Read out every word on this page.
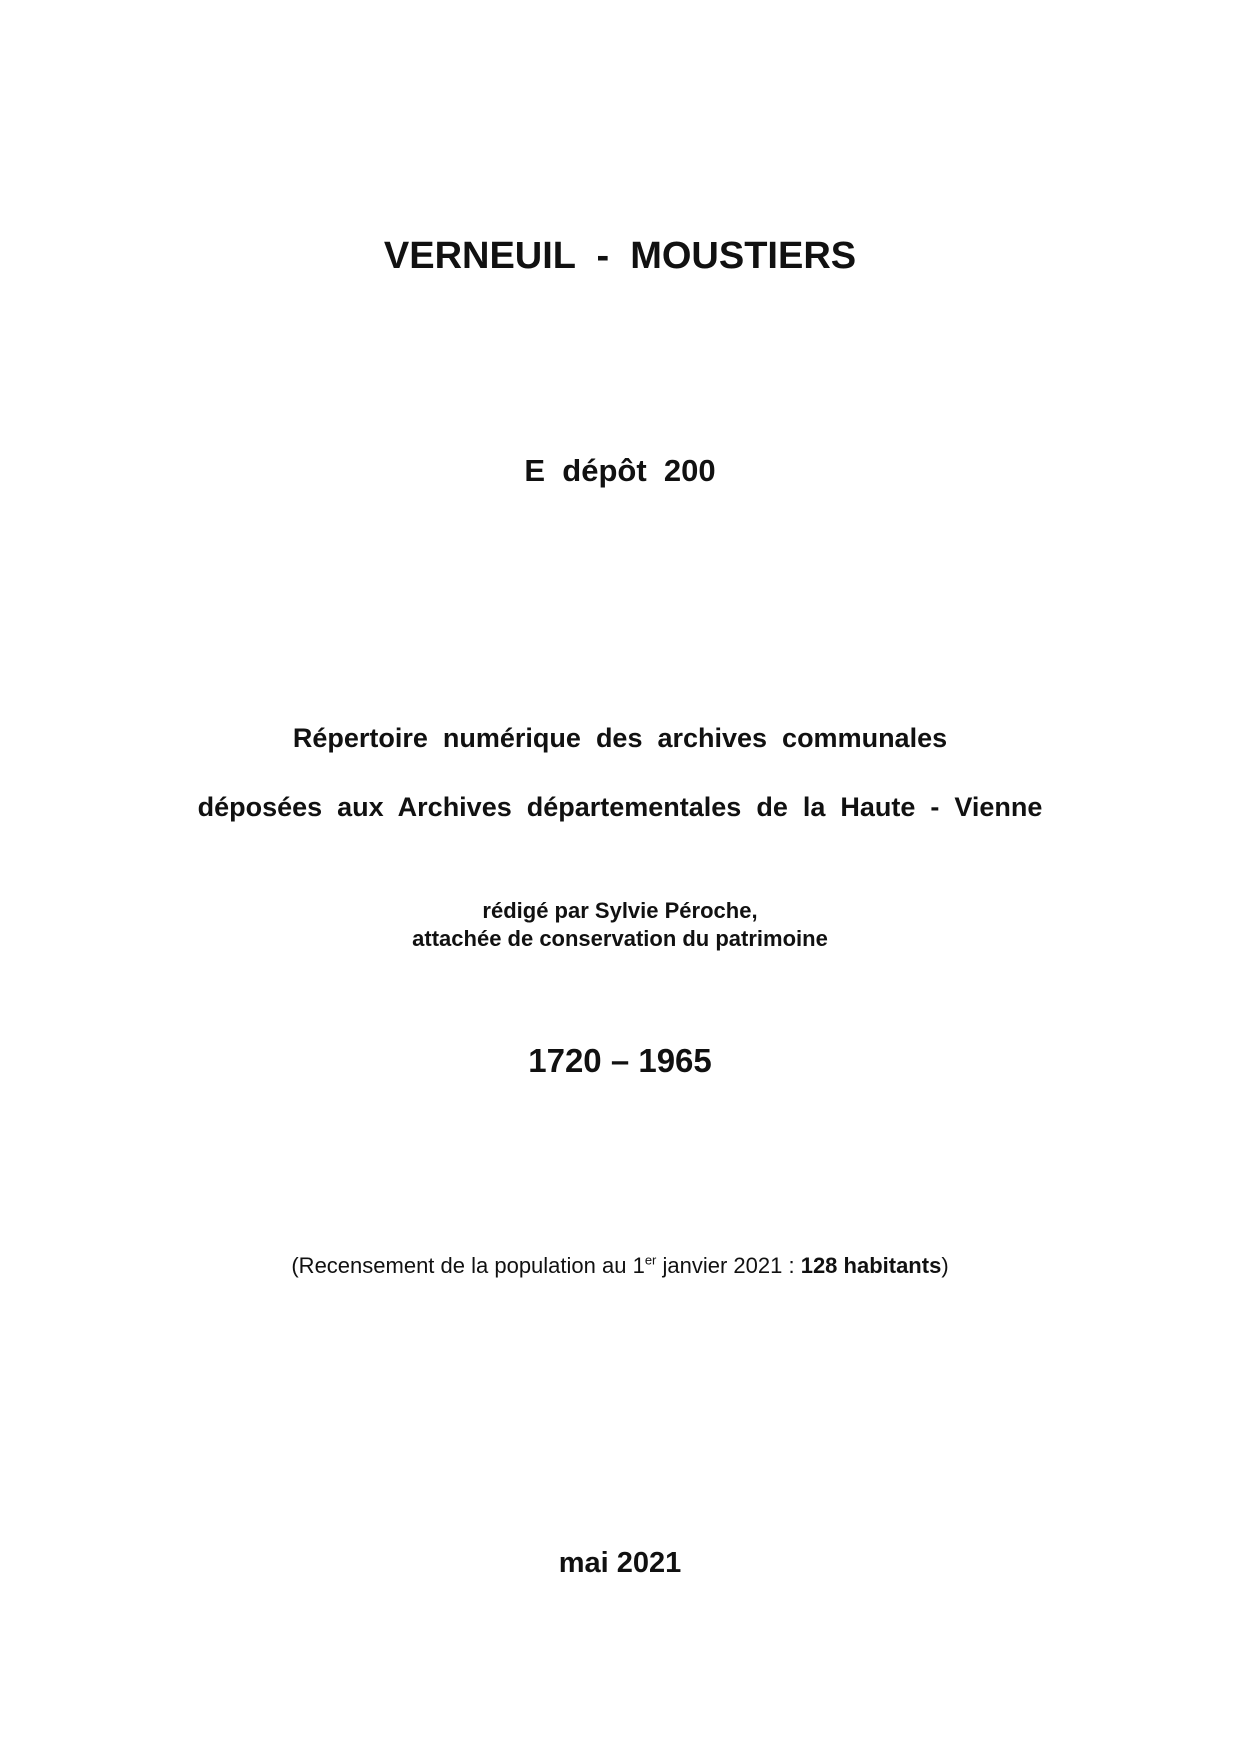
VERNEUIL  -  MOUSTIERS
E  dépôt  200
Répertoire  numérique  des  archives  communales
déposées  aux  Archives  départementales  de  la  Haute  -  Vienne
rédigé par Sylvie Péroche,
attachée de conservation du patrimoine
1720 – 1965
(Recensement de la population au 1er janvier 2021 : 128 habitants)
mai 2021
